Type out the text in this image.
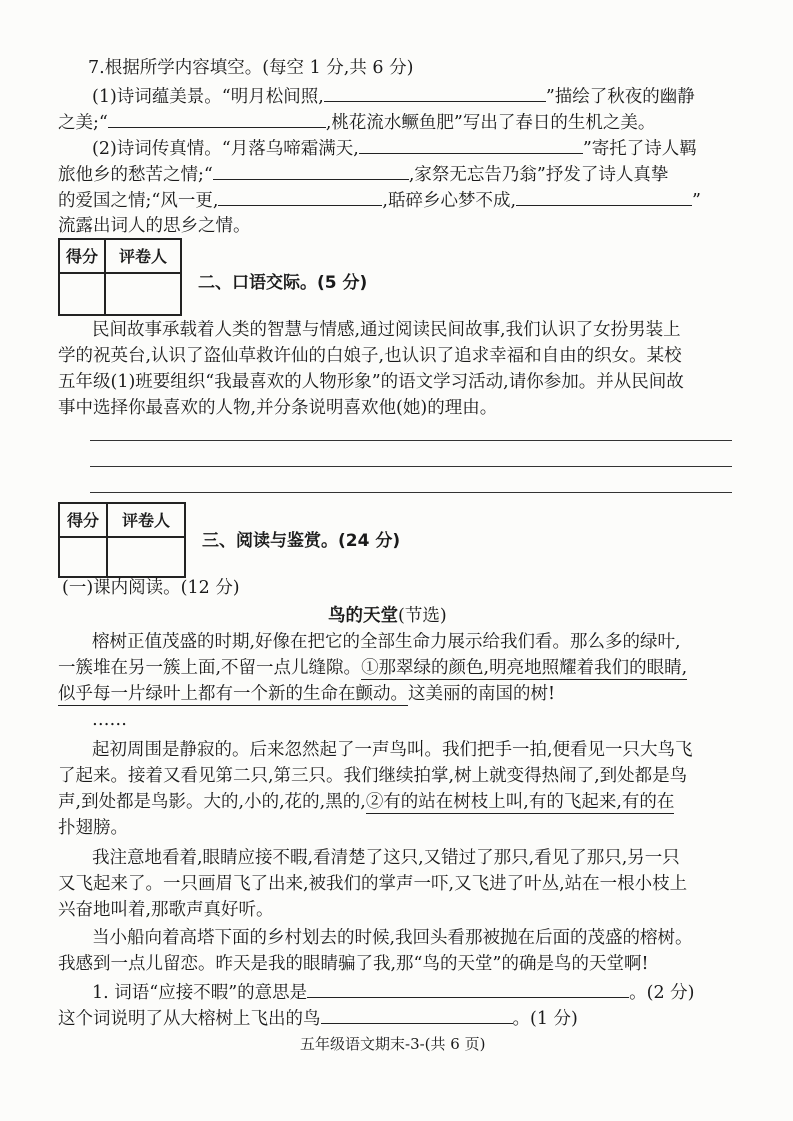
7.根据所学内容填空。(每空 1 分,共 6 分)
(1)诗词蕴美景。“明月松间照,	”描绘了秋夜的幽静
之美;“	,桃花流水鳜鱼肥”写出了春日的生机之美。
(2)诗词传真情。“月落乌啼霜满天,	”寄托了诗人羁
旅他乡的愁苦之情;“	,家祭无忘告乃翁”抒发了诗人真挚
的爱国之情;“风一更,	,聒碎乡心梦不成,	”
流露出词人的思乡之情。
得分	评卷人
二、口语交际。(5 分)
民间故事承载着人类的智慧与情感,通过阅读民间故事,我们认识了女扮男装上
学的祝英台,认识了盗仙草救许仙的白娘子,也认识了追求幸福和自由的织女。某校
五年级(1)班要组织“我最喜欢的人物形象”的语文学习活动,请你参加。并从民间故
事中选择你最喜欢的人物,并分条说明喜欢他(她)的理由。
得分	评卷人
三、阅读与鉴赏。(24 分)
(一)课内阅读。(12 分)
鸟的天堂(节选)
榕树正值茂盛的时期,好像在把它的全部生命力展示给我们看。那么多的绿叶,
一簇堆在另一簇上面,不留一点儿缝隙。①那翠绿的颜色,明亮地照耀着我们的眼睛,
似乎每一片绿叶上都有一个新的生命在颤动。这美丽的南国的树!
……
起初周围是静寂的。后来忽然起了一声鸟叫。我们把手一拍,便看见一只大鸟飞
了起来。接着又看见第二只,第三只。我们继续拍掌,树上就变得热闹了,到处都是鸟
声,到处都是鸟影。大的,小的,花的,黑的,②有的站在树枝上叫,有的飞起来,有的在
扑翅膀。
我注意地看着,眼睛应接不暇,看清楚了这只,又错过了那只,看见了那只,另一只
又飞起来了。一只画眉飞了出来,被我们的掌声一吓,又飞进了叶丛,站在一根小枝上
兴奋地叫着,那歌声真好听。
当小船向着高塔下面的乡村划去的时候,我回头看那被抛在后面的茂盛的榕树。
我感到一点儿留恋。昨天是我的眼睛骗了我,那“鸟的天堂”的确是鸟的天堂啊!
1. 词语“应接不暇”的意思是	。(2 分)
这个词说明了从大榕树上飞出的鸟	。(1 分)
五年级语文期末-3-(共 6 页)
